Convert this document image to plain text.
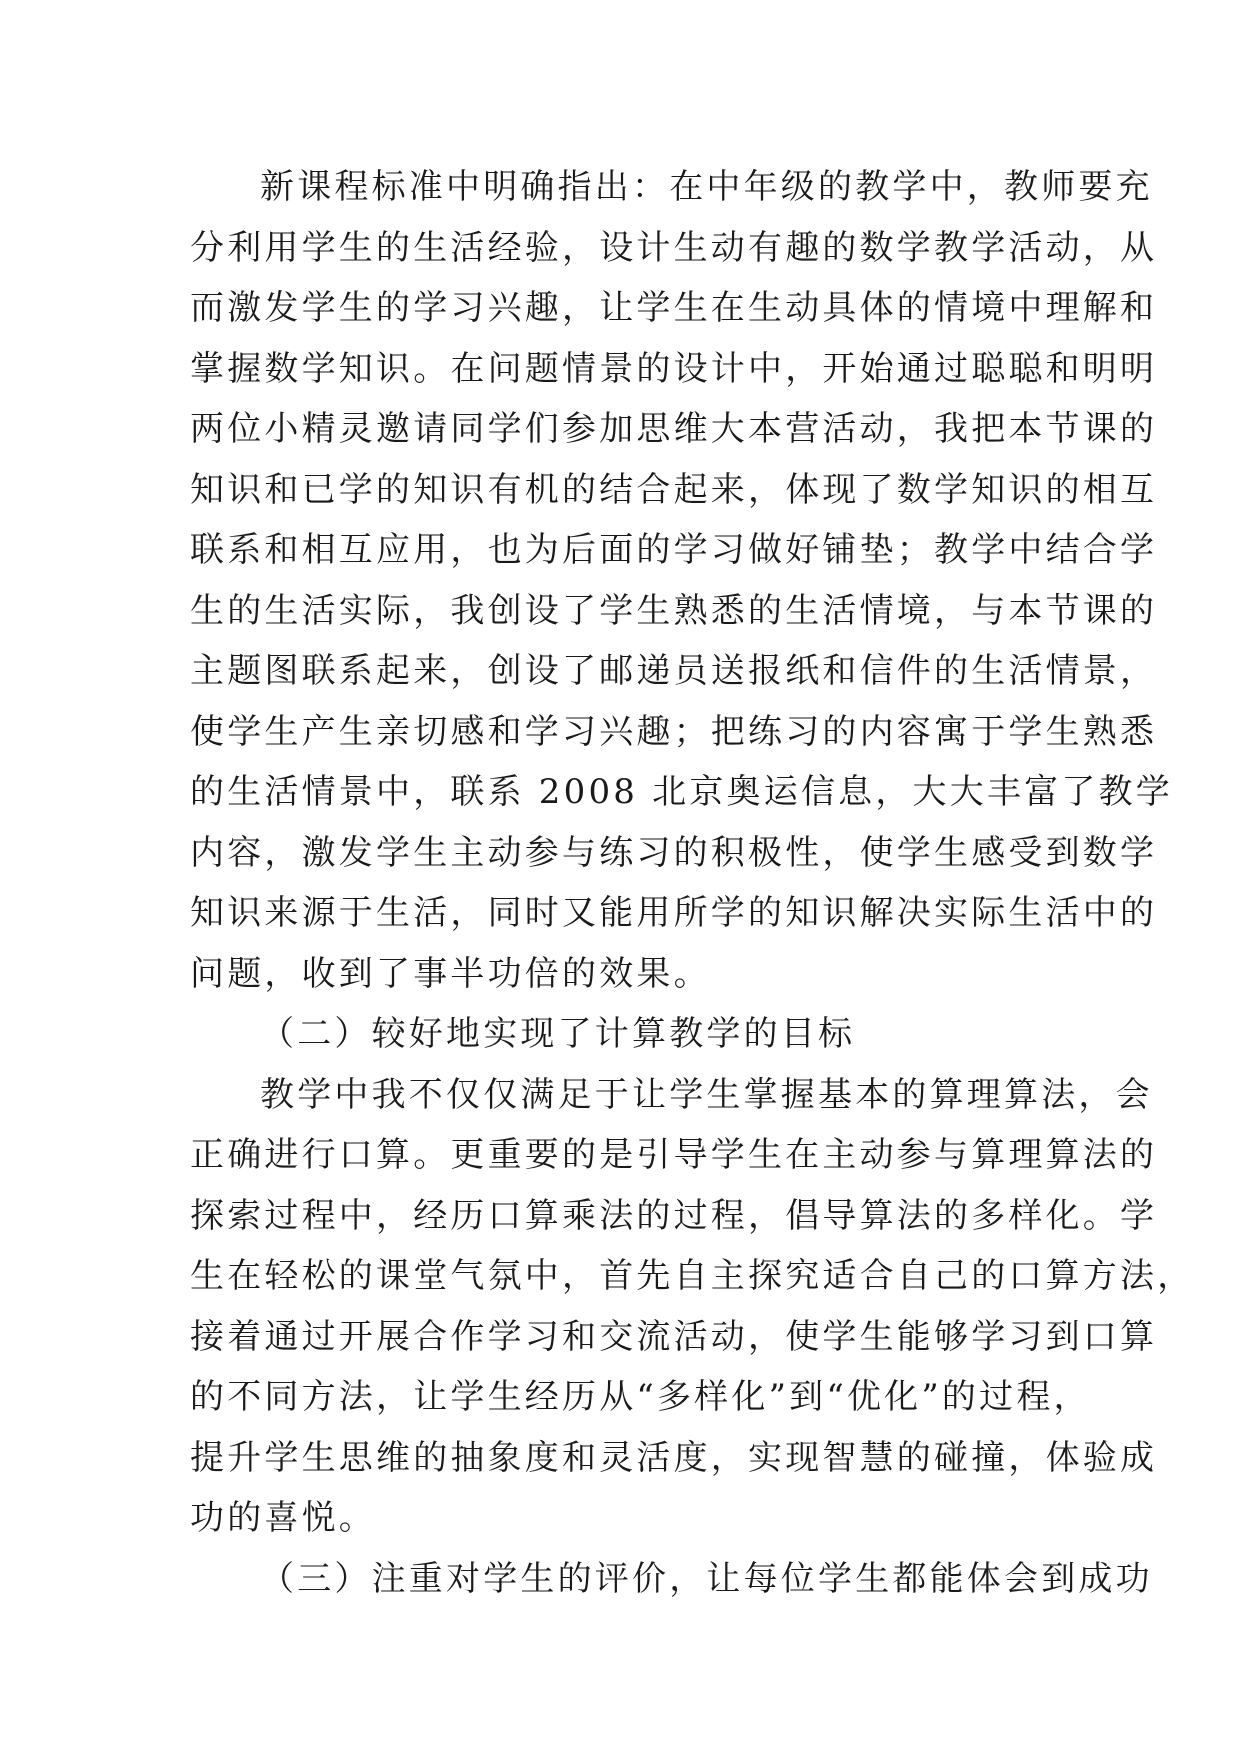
新课程标准中明确指出：在中年级的教学中，教师要充
分利用学生的生活经验，设计生动有趣的数学教学活动，从
而激发学生的学习兴趣，让学生在生动具体的情境中理解和
掌握数学知识。在问题情景的设计中，开始通过聪聪和明明
两位小精灵邀请同学们参加思维大本营活动，我把本节课的
知识和已学的知识有机的结合起来，体现了数学知识的相互
联系和相互应用，也为后面的学习做好铺垫；教学中结合学
生的生活实际，我创设了学生熟悉的生活情境，与本节课的
主题图联系起来，创设了邮递员送报纸和信件的生活情景，
使学生产生亲切感和学习兴趣；把练习的内容寓于学生熟悉
的生活情景中，联系 2008 北京奥运信息，大大丰富了教学
内容，激发学生主动参与练习的积极性，使学生感受到数学
知识来源于生活，同时又能用所学的知识解决实际生活中的
问题，收到了事半功倍的效果。
（二）较好地实现了计算教学的目标
教学中我不仅仅满足于让学生掌握基本的算理算法，会
正确进行口算。更重要的是引导学生在主动参与算理算法的
探索过程中，经历口算乘法的过程，倡导算法的多样化。学
生在轻松的课堂气氛中，首先自主探究适合自己的口算方法，
接着通过开展合作学习和交流活动，使学生能够学习到口算
的不同方法，让学生经历从“多样化”到“优化”的过程，
提升学生思维的抽象度和灵活度，实现智慧的碰撞，体验成
功的喜悦。
（三）注重对学生的评价，让每位学生都能体会到成功
